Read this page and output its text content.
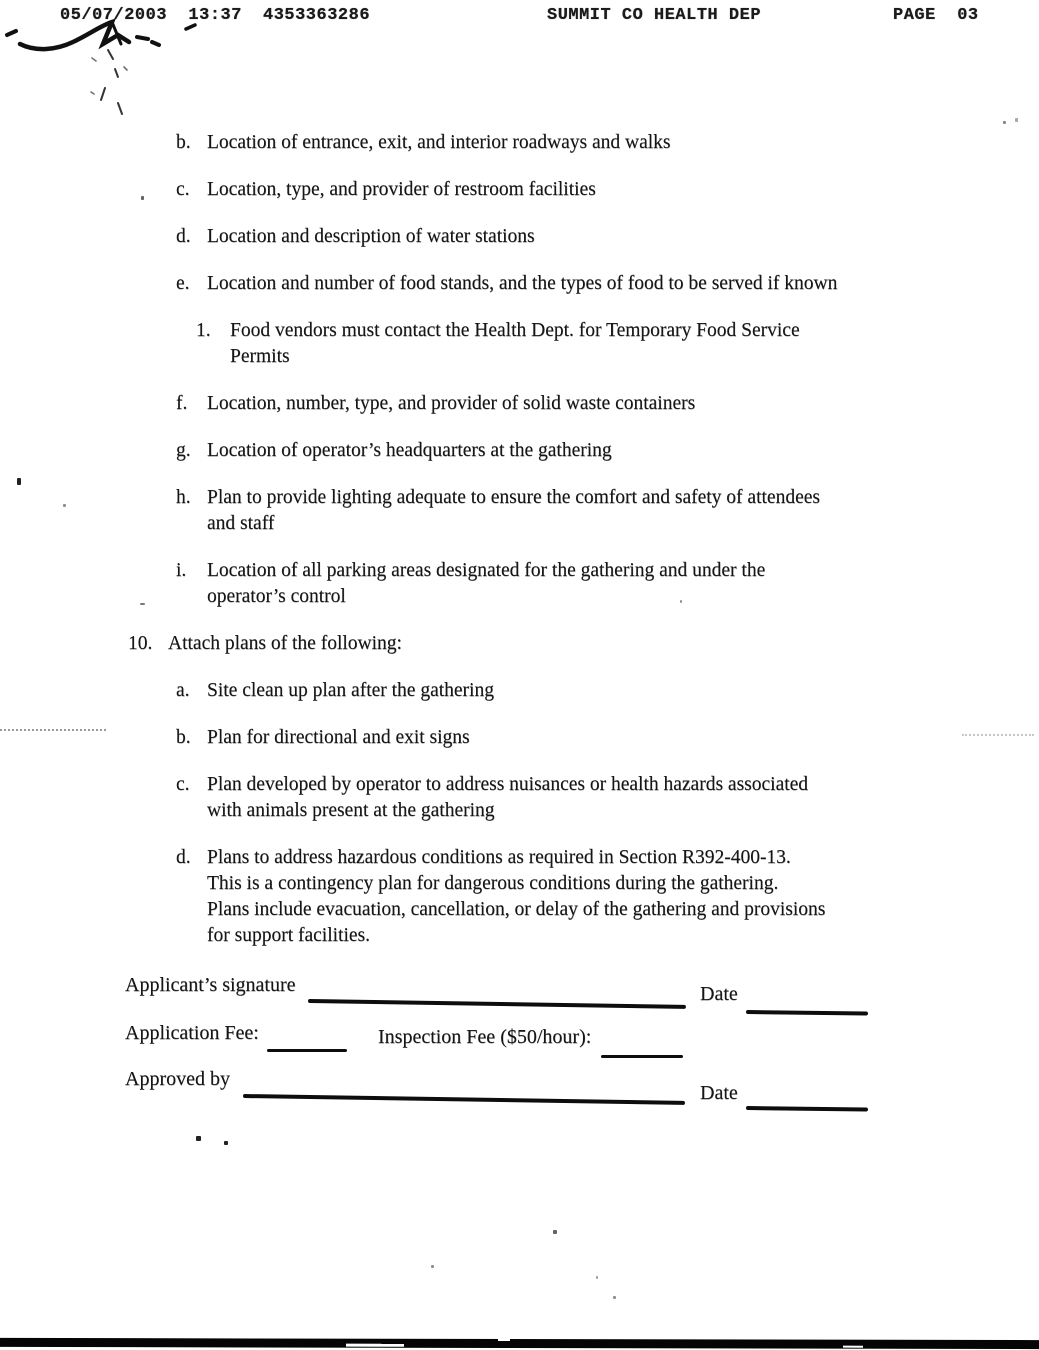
05/07/2003  13:37 4353363286	SUMMIT CO HEALTH DEP	PAGE  03
b. Location of entrance, exit, and interior roadways and walks
c. Location, type, and provider of restroom facilities
d. Location and description of water stations
e. Location and number of food stands, and the types of food to be served if known
1. Food vendors must contact the Health Dept. for Temporary Food Service
Permits
f.	Location, number, type, and provider of solid waste containers
g. Location of operator’s headquarters at the gathering
h. Plan to provide lighting adequate to ensure the comfort and safety of attendees
and staff
i.	Location of all parking areas designated for the gathering and under the
operator’s control
10. Attach plans of the following:
a. Site clean up plan after the gathering
b. Plan for directional and exit signs
c. Plan developed by operator to address nuisances or health hazards associated
with animals present at the gathering
d. Plans to address hazardous conditions as required in Section R392-400-13.
This is a contingency plan for dangerous conditions during the gathering.
Plans include evacuation, cancellation, or delay of the gathering and provisions
for support facilities.
Applicant’s signature	Date
Application Fee:	Inspection Fee ($50/hour):
Approved by
Date
